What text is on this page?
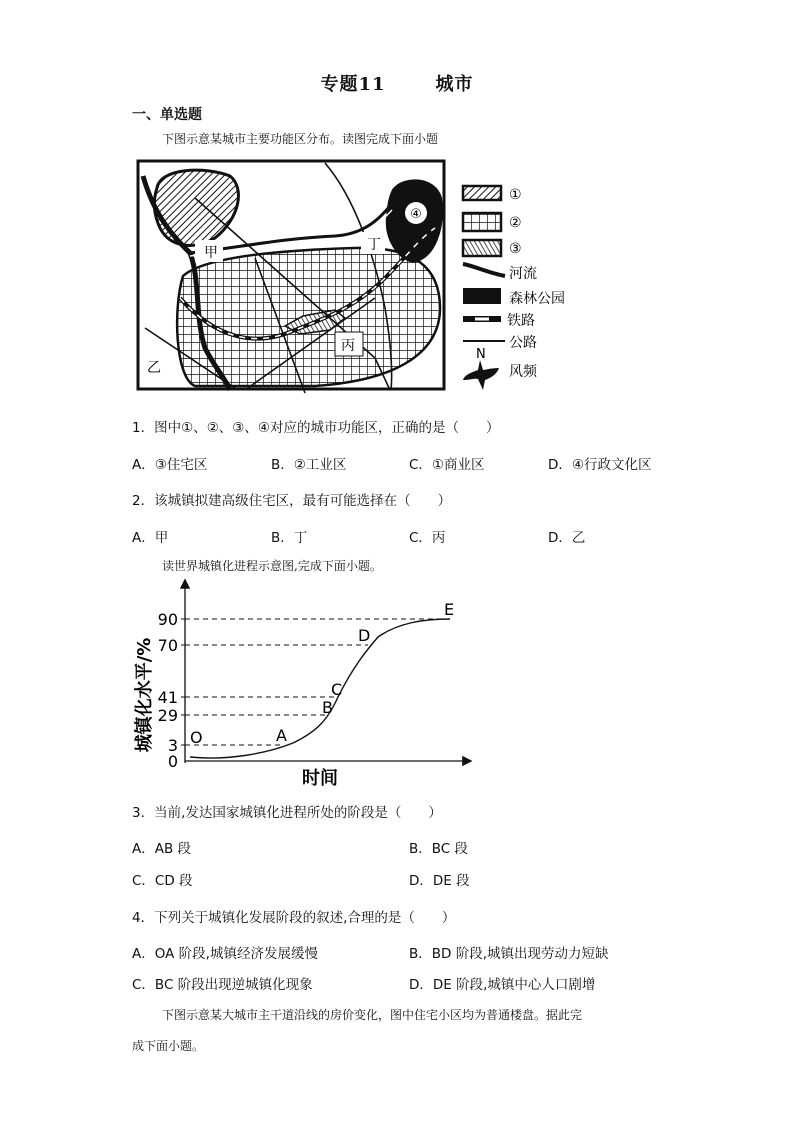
专题11	城市
一、单选题
下图示意某城市主要功能区分布。读图完成下面小题
④
甲	丁
丙
乙
①
②
③
河流
森林公园
铁路
公路
N
风频
1．图中①、②、③、④对应的城市功能区，正确的是（　　）
A．③住宅区	B．②工业区	C．①商业区	D．④行政文化区
2．该城镇拟建高级住宅区，最有可能选择在（　　）
A．甲	B．丁	C．丙	D．乙
读世界城镇化进程示意图,完成下面小题。
城镇化水平/%
时间
0
3
29
41
70
90
O	A
B
C
D
E
3．当前,发达国家城镇化进程所处的阶段是（　　）
A．AB 段	B．BC 段
C．CD 段	D．DE 段
4．下列关于城镇化发展阶段的叙述,合理的是（　　）
A．OA 阶段,城镇经济发展缓慢	B．BD 阶段,城镇出现劳动力短缺
C．BC 阶段出现逆城镇化现象	D．DE 阶段,城镇中心人口剧增
下图示意某大城市主干道沿线的房价变化，图中住宅小区均为普通楼盘。据此完
成下面小题。
